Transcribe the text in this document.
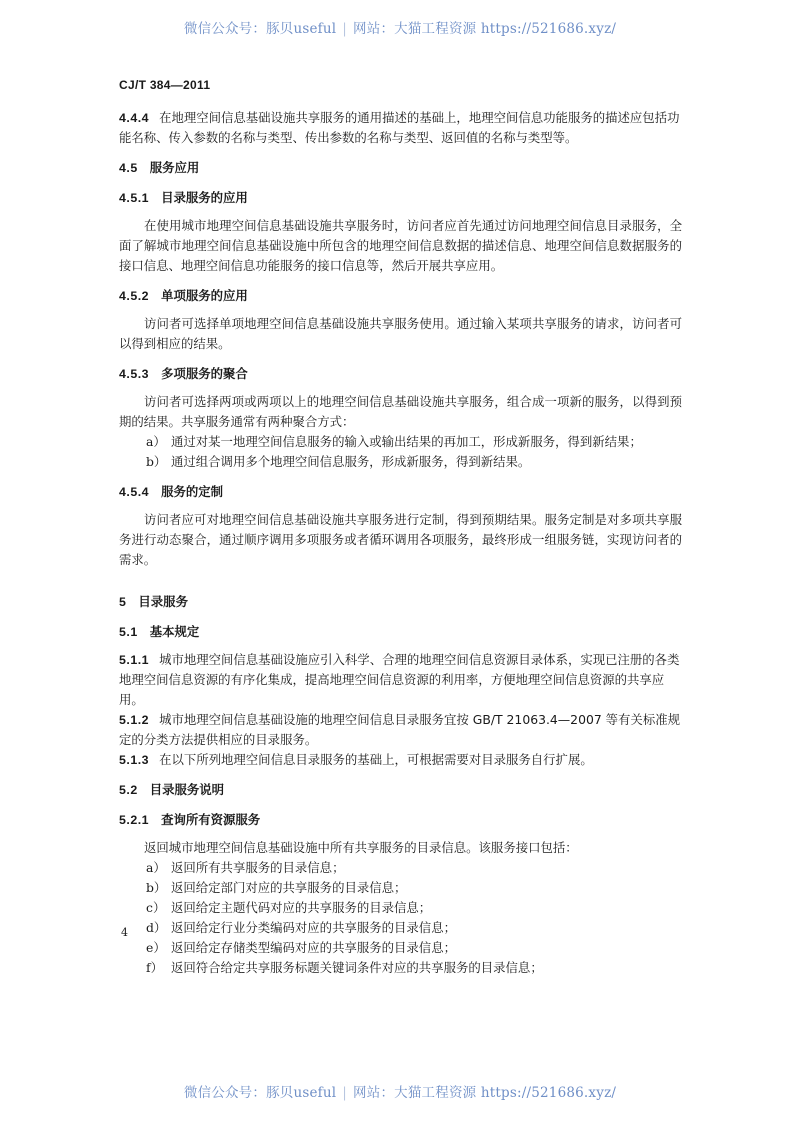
微信公众号：豚贝useful | 网站：大猫工程资源 https://521686.xyz/
CJ/T 384—2011
4.4.4 在地理空间信息基础设施共享服务的通用描述的基础上，地理空间信息功能服务的描述应包括功能名称、传入参数的名称与类型、传出参数的名称与类型、返回值的名称与类型等。
4.5 服务应用
4.5.1 目录服务的应用
在使用城市地理空间信息基础设施共享服务时，访问者应首先通过访问地理空间信息目录服务，全面了解城市地理空间信息基础设施中所包含的地理空间信息数据的描述信息、地理空间信息数据服务的接口信息、地理空间信息功能服务的接口信息等，然后开展共享应用。
4.5.2 单项服务的应用
访问者可选择单项地理空间信息基础设施共享服务使用。通过输入某项共享服务的请求，访问者可以得到相应的结果。
4.5.3 多项服务的聚合
访问者可选择两项或两项以上的地理空间信息基础设施共享服务，组合成一项新的服务，以得到预期的结果。共享服务通常有两种聚合方式：
a） 通过对某一地理空间信息服务的输入或输出结果的再加工，形成新服务，得到新结果；
b） 通过组合调用多个地理空间信息服务，形成新服务，得到新结果。
4.5.4 服务的定制
访问者应可对地理空间信息基础设施共享服务进行定制，得到预期结果。服务定制是对多项共享服务进行动态聚合，通过顺序调用多项服务或者循环调用各项服务，最终形成一组服务链，实现访问者的需求。
5 目录服务
5.1 基本规定
5.1.1 城市地理空间信息基础设施应引入科学、合理的地理空间信息资源目录体系，实现已注册的各类地理空间信息资源的有序化集成，提高地理空间信息资源的利用率，方便地理空间信息资源的共享应用。
5.1.2 城市地理空间信息基础设施的地理空间信息目录服务宜按 GB/T 21063.4—2007 等有关标准规定的分类方法提供相应的目录服务。
5.1.3 在以下所列地理空间信息目录服务的基础上，可根据需要对目录服务自行扩展。
5.2 目录服务说明
5.2.1 查询所有资源服务
返回城市地理空间信息基础设施中所有共享服务的目录信息。该服务接口包括：
a） 返回所有共享服务的目录信息；
b） 返回给定部门对应的共享服务的目录信息；
c） 返回给定主题代码对应的共享服务的目录信息；
d） 返回给定行业分类编码对应的共享服务的目录信息；
e） 返回给定存储类型编码对应的共享服务的目录信息；
f） 返回符合给定共享服务标题关键词条件对应的共享服务的目录信息；
4
微信公众号：豚贝useful | 网站：大猫工程资源 https://521686.xyz/
